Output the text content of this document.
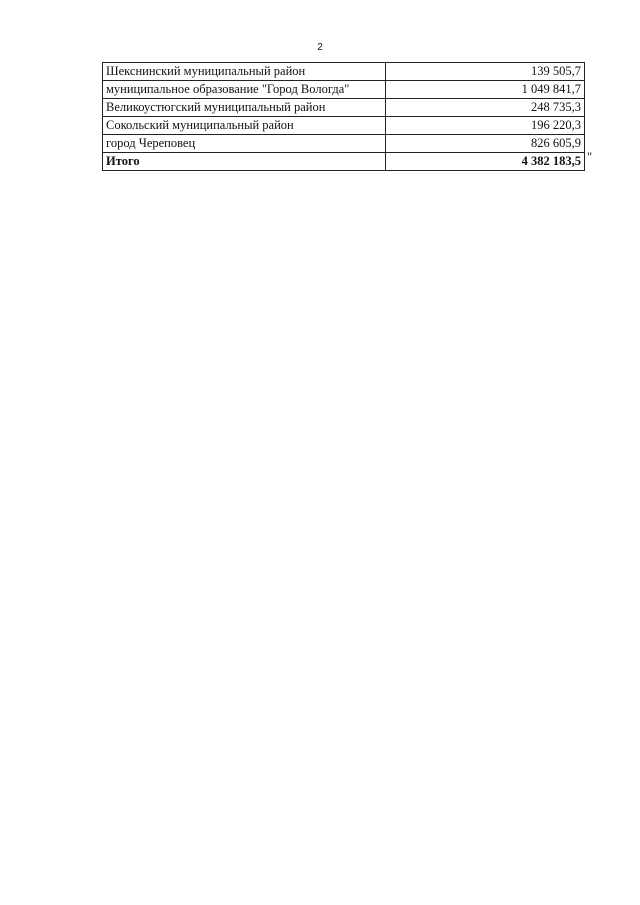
2
Шекснинский муниципальный район	139 505,7
муниципальное образование "Город Вологда"	1 049 841,7
Великоустюгский муниципальный район	248 735,3
Сокольский муниципальный район	196 220,3
город Череповец	826 605,9
Итого	4 382 183,5 "
